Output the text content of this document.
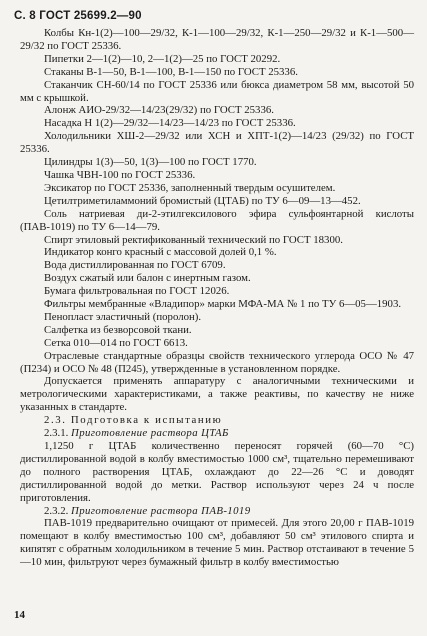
С. 8 ГОСТ 25699.2—90

Колбы Кн-1(2)—100—29/32, К-1—100—29/32, К-1—250—29/32 и К-1—500—29/32 по ГОСТ 25336.

Пипетки 2—1(2)—10, 2—1(2)—25 по ГОСТ 20292.

Стаканы В-1—50, В-1—100, В-1—150 по ГОСТ 25336.

Стаканчик СН-60/14 по ГОСТ 25336 или бюкса диаметром 58 мм, высотой 50 мм с крышкой.

Алонж АИО-29/32—14/23(29/32) по ГОСТ 25336.

Насадка Н 1(2)—29/32—14/23—14/23 по ГОСТ 25336.

Холодильники ХШ-2—29/32 или ХСН и ХПТ-1(2)—14/23 (29/32) по ГОСТ 25336.

Цилиндры 1(3)—50, 1(3)—100 по ГОСТ 1770.

Чашка ЧВН-100 по ГОСТ 25336.

Эксикатор по ГОСТ 25336, заполненный твердым осушителем.

Цетилтриметиламмоний бромистый (ЦТАБ) по ТУ 6—09—13—452.

Соль натриевая ди-2-этилгексилового эфира сульфоянтарной кислоты (ПАВ-1019) по ТУ 6—14—79.

Спирт этиловый ректификованный технический по ГОСТ 18300.

Индикатор конго красный с массовой долей 0,1 %.

Вода дистиллированная по ГОСТ 6709.

Воздух сжатый или балон с инертным газом.

Бумага фильтровальная по ГОСТ 12026.

Фильтры мембранные «Владипор» марки МФА-МА № 1 по ТУ 6—05—1903.

Пенопласт эластичный (поролон).

Салфетка из безворсовой ткани.

Сетка 010—014 по ГОСТ 6613.

Отраслевые стандартные образцы свойств технического углерода ОСО № 47 (П234) и ОСО № 48 (П245), утвержденные в установленном порядке.

Допускается применять аппаратуру с аналогичными техническими и метрологическими характеристиками, а также реактивы, по качеству не ниже указанных в стандарте.

2.3. Подготовка к испытанию

2.3.1. Приготовление раствора ЦТАБ

1,1250 г ЦТАБ количественно переносят горячей (60—70 °С) дистиллированной водой в колбу вместимостью 1000 см³, тщательно перемешивают до полного растворения ЦТАБ, охлаждают до 22—26 °С и доводят дистиллированной водой до метки. Раствор используют через 24 ч после приготовления.

2.3.2. Приготовление раствора ПАВ-1019

ПАВ-1019 предварительно очищают от примесей. Для этого 20,00 г ПАВ-1019 помещают в колбу вместимостью 100 см³, добавляют 50 см³ этилового спирта и кипятят с обратным холодильником в течение 5 мин. Раствор отстаивают в течение 5—10 мин, фильтруют через бумажный фильтр в колбу вместимостью

14
